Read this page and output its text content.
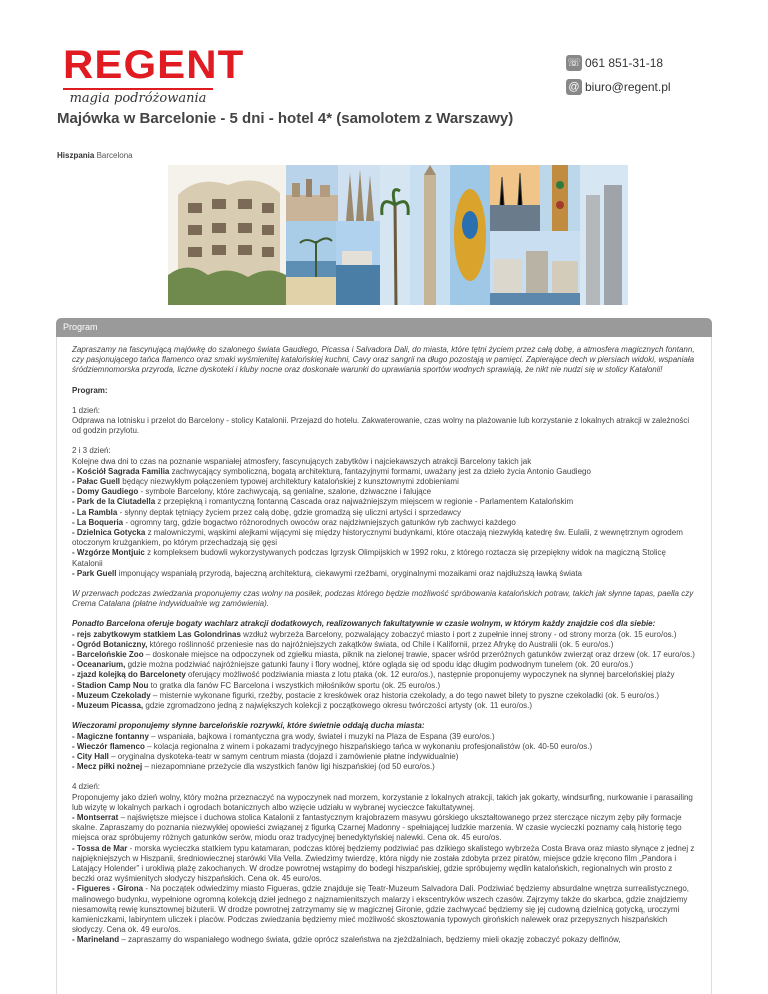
REGENT
magia podróżowania
☏ 061 851-31-18
@ biuro@regent.pl
Majówka w Barcelonie - 5 dni - hotel 4* (samolotem z Warszawy)
Hiszpania Barcelona
Program

Zapraszamy na fascynującą majówkę do szalonego świata Gaudiego, Picassa i Salvadora Dali, do miasta, które tętni życiem przez całą dobę, a atmosfera magicznych fontann, czy pasjonującego tańca flamenco oraz smaki wyśmienitej katalońskiej kuchni, Cavy oraz sangrii na długo pozostają w pamięci. Zapierające dech w piersiach widoki, wspaniała śródziemnomorska przyroda, liczne dyskoteki i kluby nocne oraz doskonałe warunki do uprawiania sportów wodnych sprawiają, że nikt nie nudzi się w stolicy Katalonii!

Program:

1 dzień:
Odprawa na lotnisku i przelot do Barcelony - stolicy Katalonii. Przejazd do hotelu. Zakwaterowanie, czas wolny na plażowanie lub korzystanie z lokalnych atrakcji w zależności od godzin przylotu.
2 i 3 dzień:
Kolejne dwa dni to czas na poznanie wspaniałej atmosfery, fascynujących zabytków i najciekawszych atrakcji Barcelony takich jak
- Kościół Sagrada Familia zachwycający symboliczną, bogatą architekturą, fantazyjnymi formami, uważany jest za dzieło życia Antonio Gaudiego
- Pałac Guell będący niezwykłym połączeniem typowej architektury katalońskiej z kunsztownymi zdobieniami
- Domy Gaudiego - symbole Barcelony, które zachwycają, są genialne, szalone, dziwaczne i falujące
- Park de la Ciutadella z przepiękną i romantyczną fontanną Cascada oraz najważniejszym miejscem w regionie - Parlamentem Katalońskim
- La Rambla - słynny deptak tętniący życiem przez całą dobę, gdzie gromadzą się uliczni artyści i sprzedawcy
- La Boqueria - ogromny targ, gdzie bogactwo różnorodnych owoców oraz najdziwniejszych gatunków ryb zachwyci każdego
- Dzielnica Gotycka z malowniczymi, wąskimi alejkami wijącymi się między historycznymi budynkami, które otaczają niezwykłą katedrę św. Eulalii, z wewnętrznym ogrodem otoczonym krużgankiem, po którym przechadzają się gęsi
- Wzgórze Montjuic z kompleksem budowli wykorzystywanych podczas Igrzysk Olimpijskich w 1992 roku, z którego roztacza się przepiękny widok na magiczną Stolicę Katalonii
- Park Guell imponujący wspaniałą przyrodą, bajeczną architekturą, ciekawymi rzeźbami, oryginalnymi mozaikami oraz najdłuższą ławką świata

W przerwach podczas zwiedzania proponujemy czas wolny na posiłek, podczas którego będzie możliwość spróbowania katalońskich potraw, takich jak słynne tapas, paella czy Crema Catalana (płatne indywidualnie wg zamówienia).

Ponadto Barcelona oferuje bogaty wachlarz atrakcji dodatkowych, realizowanych fakultatywnie w czasie wolnym, w którym każdy znajdzie coś dla siebie:
- rejs zabytkowym statkiem Las Golondrinas wzdłuż wybrzeża Barcelony, pozwalający zobaczyć miasto i port z zupełnie innej strony - od strony morza (ok. 15 euro/os.)
- Ogród Botaniczny, którego roślinność przeniesie nas do najróżniejszych zakątków świata, od Chile i Kalifornii, przez Afrykę do Australii (ok. 5 euro/os.)
- Barcelońskie Zoo – doskonałe miejsce na odpoczynek od zgiełku miasta, piknik na zielonej trawie, spacer wśród przeróżnych gatunków zwierząt oraz drzew (ok. 17 euro/os.)
- Oceanarium, gdzie można podziwiać najróżniejsze gatunki fauny i flory wodnej, które ogląda się od spodu idąc długim podwodnym tunelem (ok. 20 euro/os.)
- zjazd kolejką do Barcelonety oferujący możliwość podziwiania miasta z lotu ptaka (ok. 12 euro/os.), następnie proponujemy wypoczynek na słynnej barcelońskiej plaży
- Stadion Camp Nou to gratka dla fanów FC Barcelona i wszystkich miłośników sportu (ok. 25 euro/os.)
- Muzeum Czekolady – misternie wykonane figurki, rzeźby, postacie z kreskówek oraz historia czekolady, a do tego nawet bilety to pyszne czekoladki (ok. 5 euro/os.)
- Muzeum Picassa, gdzie zgromadzono jedną z największych kolekcji z początkowego okresu twórczości artysty (ok. 11 euro/os.)
Wieczorami proponujemy słynne barcelońskie rozrywki, które świetnie oddają ducha miasta:
- Magiczne fontanny – wspaniała, bajkowa i romantyczna gra wody, świateł i muzyki na Plaza de Espana (39 euro/os.)
- Wieczór flamenco – kolacja regionalna z winem i pokazami tradycyjnego hiszpańskiego tańca w wykonaniu profesjonalistów (ok. 40-50 euro/os.)
- City Hall – oryginalna dyskoteka-teatr w samym centrum miasta (dojazd i zamówienie płatne indywidualnie)
- Mecz piłki nożnej – niezapomniane przeżycie dla wszystkich fanów ligi hiszpańskiej (od 50 euro/os.)
4 dzień:
Proponujemy jako dzień wolny, który można przeznaczyć na wypoczynek nad morzem, korzystanie z lokalnych atrakcji, takich jak gokarty, windsurfing, nurkowanie i parasailing lub wizytę w lokalnych parkach i ogrodach botanicznych albo wzięcie udziału w wybranej wycieczce fakultatywnej.
- Montserrat – najświętsze miejsce i duchowa stolica Katalonii z fantastycznym krajobrazem masywu górskiego ukształtowanego przez sterczące niczym zęby piły formacje skalne. Zapraszamy do poznania niezwykłej opowieści związanej z figurką Czarnej Madonny - spełniającej ludzkie marzenia. W czasie wycieczki poznamy całą historię tego miejsca oraz spróbujemy różnych gatunków serów, miodu oraz tradycyjnej benedyktyńskiej nalewki. Cena ok. 45 euro/os.
- Tossa de Mar - morska wycieczka statkiem typu katamaran, podczas której będziemy podziwiać pas dzikiego skalistego wybrzeża Costa Brava oraz miasto słynące z jednej z najpiękniejszych w Hiszpanii, średniowiecznej starówki Vila Vella. Zwiedzimy twierdzę, która nigdy nie została zdobyta przez piratów, miejsce gdzie kręcono film „Pandora i Latający Holender” i urokliwą plażę zakochanych. W drodze powrotnej wstąpimy do bodegi hiszpańskiej, gdzie spróbujemy wędlin katalońskich, regionalnych win prosto z beczki oraz wyśmienitych słodyczy hiszpańskich. Cena ok. 45 euro/os.
- Figueres - Girona - Na początek odwiedzimy miasto Figueras, gdzie znajduje się Teatr-Muzeum Salvadora Dali. Podziwiać będziemy absurdalne wnętrza surrealistycznego, malinowego budynku, wypełnione ogromną kolekcją dzieł jednego z najznamienitszych malarzy i ekscentryków wszech czasów. Zajrzymy także do skarbca, gdzie znajdziemy niesamowitą rewię kunsztownej biżuterii. W drodze powrotnej zatrzymamy się w magicznej Gironie, gdzie zachwycać będziemy się jej cudowną dzielnicą gotycką, uroczymi kamieniczkami, labiryntem uliczek i placów. Podczas zwiedzania będziemy mieć możliwość skosztowania typowych girońskich nalewek oraz przepysznych hiszpańskich słodyczy. Cena ok. 49 euro/os.
- Marineland – zapraszamy do wspaniałego wodnego świata, gdzie oprócz szaleństwa na zjeżdżalniach, będziemy mieli okazję zobaczyć pokazy delfinów,
